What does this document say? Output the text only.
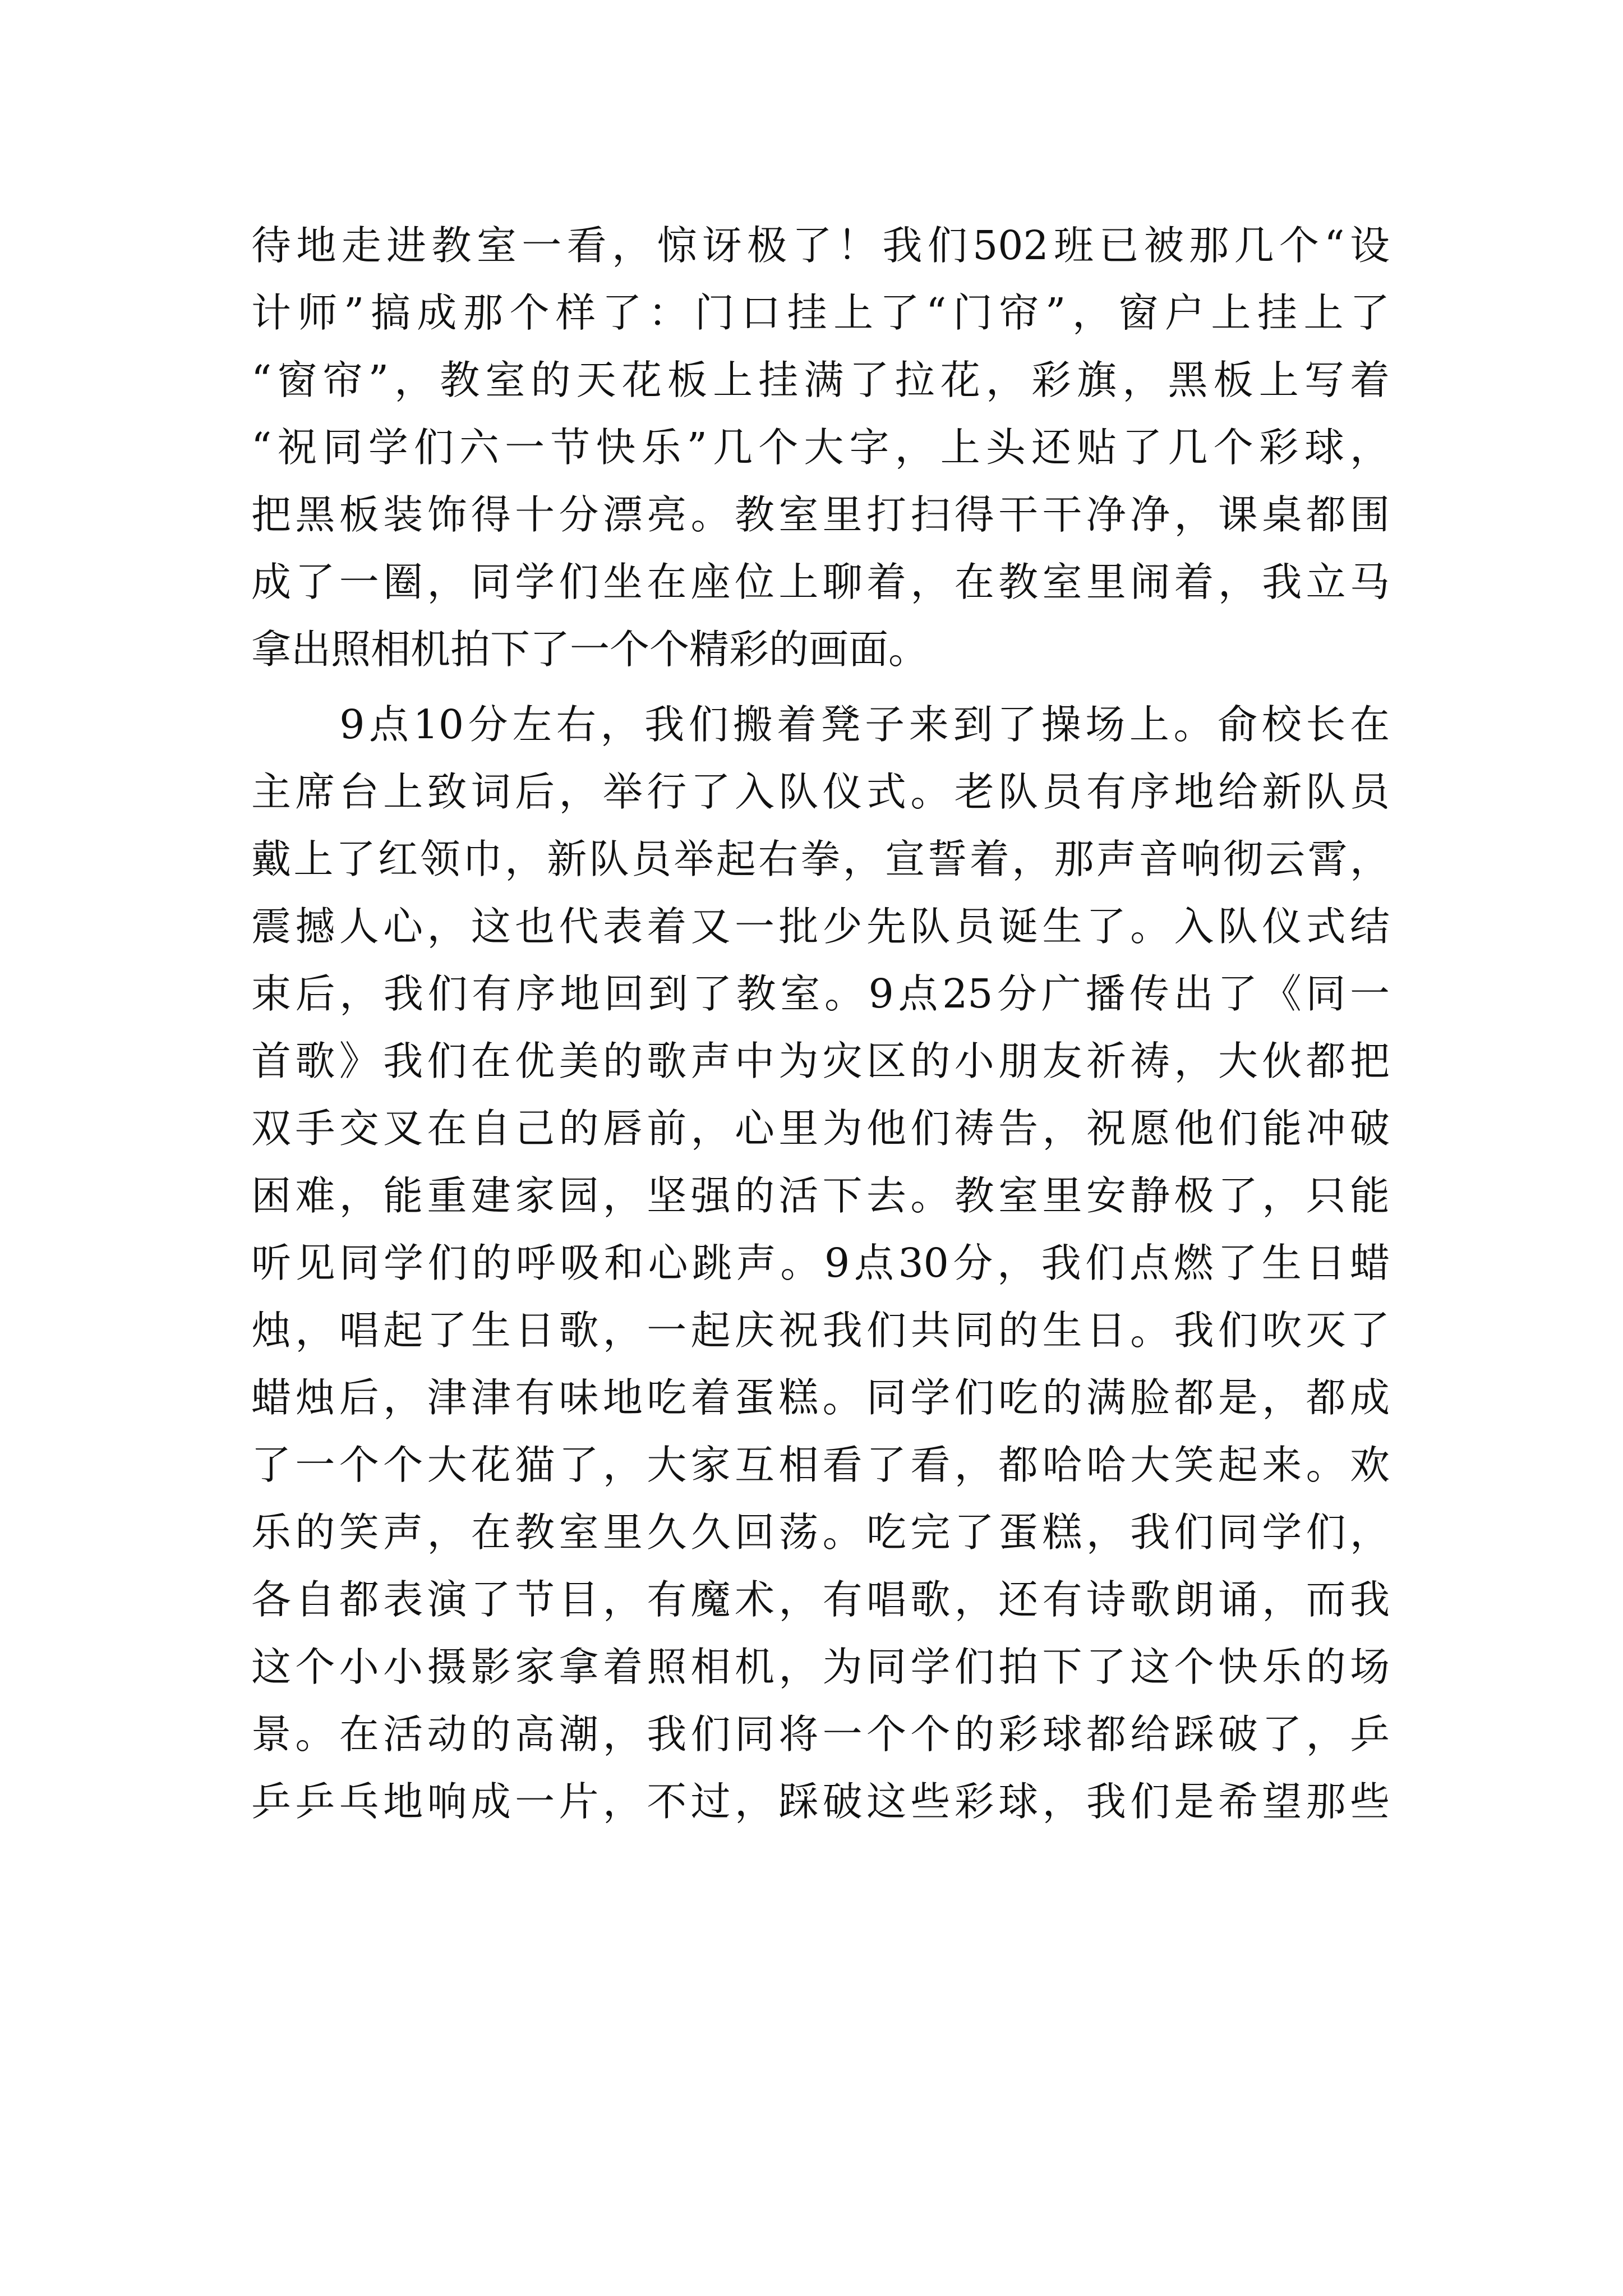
待地走进教室一看，惊讶极了！我们502班已被那几个“设
计师”搞成那个样了：门口挂上了“门帘”，窗户上挂上了
“窗帘”，教室的天花板上挂满了拉花，彩旗，黑板上写着
“祝同学们六一节快乐”几个大字，上头还贴了几个彩球，
把黑板装饰得十分漂亮。教室里打扫得干干净净，课桌都围
成了一圈，同学们坐在座位上聊着，在教室里闹着，我立马
拿出照相机拍下了一个个精彩的画面。
　　9点10分左右，我们搬着凳子来到了操场上。俞校长在
主席台上致词后，举行了入队仪式。老队员有序地给新队员
戴上了红领巾，新队员举起右拳，宣誓着，那声音响彻云霄，
震撼人心，这也代表着又一批少先队员诞生了。入队仪式结
束后，我们有序地回到了教室。9点25分广播传出了《同一
首歌》我们在优美的歌声中为灾区的小朋友祈祷，大伙都把
双手交叉在自己的唇前，心里为他们祷告，祝愿他们能冲破
困难，能重建家园，坚强的活下去。教室里安静极了，只能
听见同学们的呼吸和心跳声。9点30分，我们点燃了生日蜡
烛，唱起了生日歌，一起庆祝我们共同的生日。我们吹灭了
蜡烛后，津津有味地吃着蛋糕。同学们吃的满脸都是，都成
了一个个大花猫了，大家互相看了看，都哈哈大笑起来。欢
乐的笑声，在教室里久久回荡。吃完了蛋糕，我们同学们，
各自都表演了节目，有魔术，有唱歌，还有诗歌朗诵，而我
这个小小摄影家拿着照相机，为同学们拍下了这个快乐的场
景。在活动的高潮，我们同将一个个的彩球都给踩破了，乒
乒乒乓地响成一片，不过，踩破这些彩球，我们是希望那些
